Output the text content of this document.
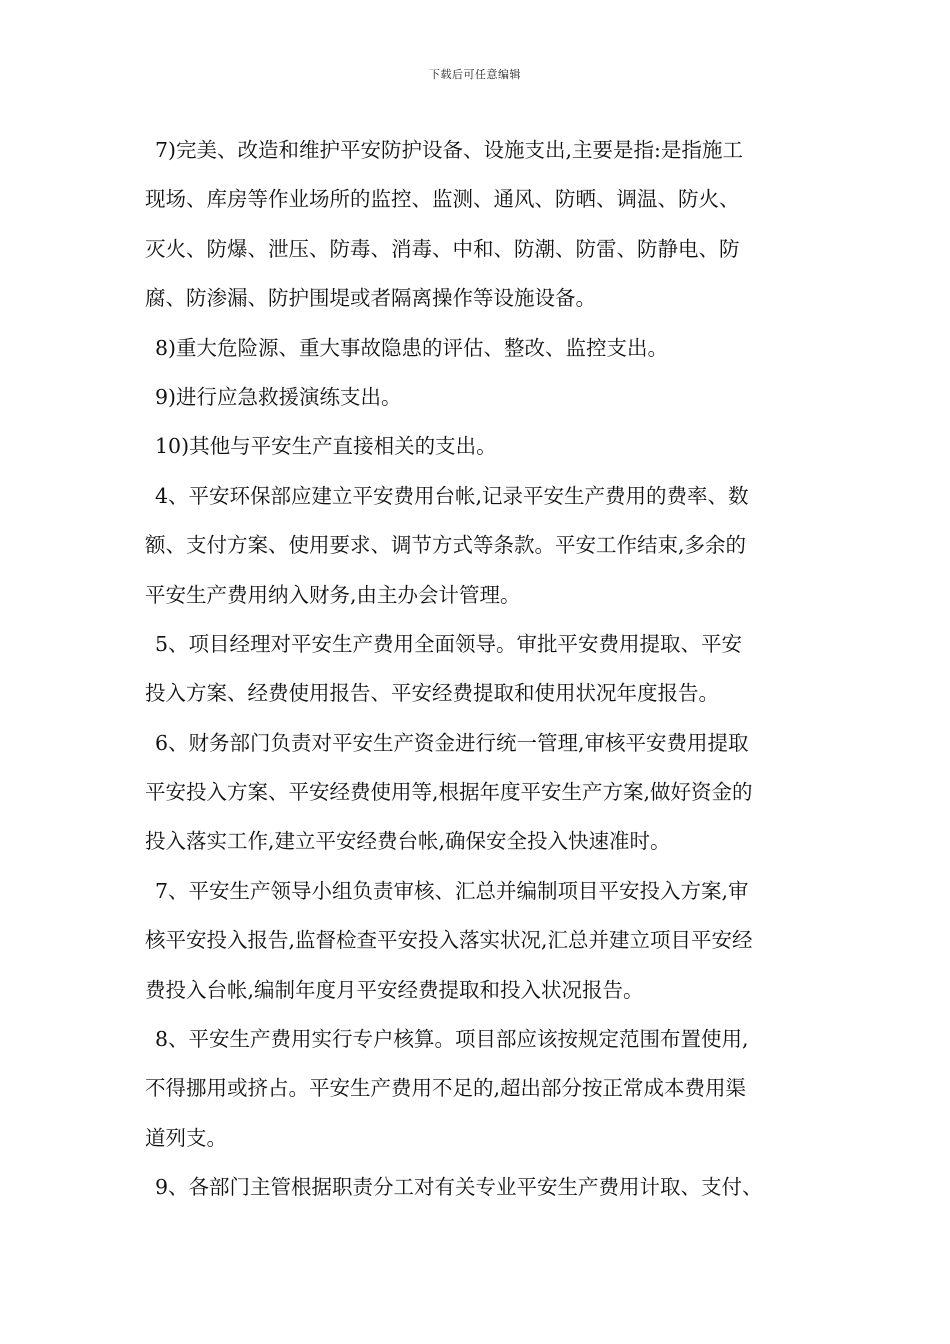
下载后可任意编辑
7)完美、改造和维护平安防护设备、设施支出,主要是指:是指施工
现场、库房等作业场所的监控、监测、通风、防晒、调温、防火、
灭火、防爆、泄压、防毒、消毒、中和、防潮、防雷、防静电、防
腐、防渗漏、防护围堤或者隔离操作等设施设备。
8)重大危险源、重大事故隐患的评估、整改、监控支出。
9)进行应急救援演练支出。
10)其他与平安生产直接相关的支出。
4、平安环保部应建立平安费用台帐,记录平安生产费用的费率、数
额、支付方案、使用要求、调节方式等条款。平安工作结束,多余的
平安生产费用纳入财务,由主办会计管理。
5、项目经理对平安生产费用全面领导。审批平安费用提取、平安
投入方案、经费使用报告、平安经费提取和使用状况年度报告。
6、财务部门负责对平安生产资金进行统一管理,审核平安费用提取
平安投入方案、平安经费使用等,根据年度平安生产方案,做好资金的
投入落实工作,建立平安经费台帐,确保安全投入快速准时。
7、平安生产领导小组负责审核、汇总并编制项目平安投入方案,审
核平安投入报告,监督检查平安投入落实状况,汇总并建立项目平安经
费投入台帐,编制年度月平安经费提取和投入状况报告。
8、平安生产费用实行专户核算。项目部应该按规定范围布置使用,
不得挪用或挤占。平安生产费用不足的,超出部分按正常成本费用渠
道列支。
9、各部门主管根据职责分工对有关专业平安生产费用计取、支付、
